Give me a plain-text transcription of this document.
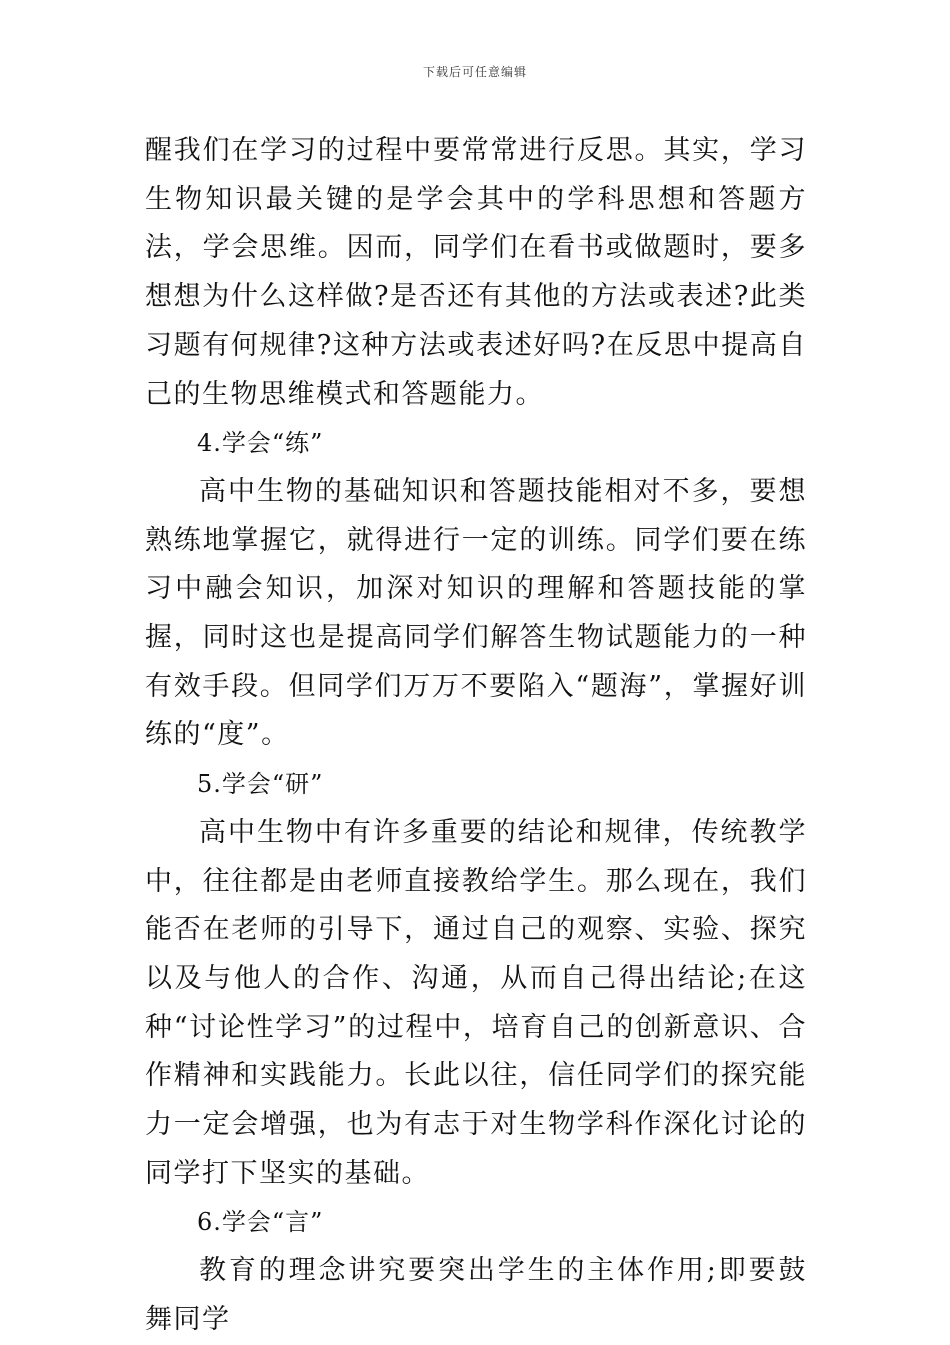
下载后可任意编辑

醒我们在学习的过程中要常常进行反思。其实，学习生物知识最关键的是学会其中的学科思想和答题方法，学会思维。因而，同学们在看书或做题时，要多想想为什么这样做?是否还有其他的方法或表述?此类习题有何规律?这种方法或表述好吗?在反思中提高自己的生物思维模式和答题能力。

4.学会“练”

高中生物的基础知识和答题技能相对不多，要想熟练地掌握它，就得进行一定的训练。同学们要在练习中融会知识，加深对知识的理解和答题技能的掌握，同时这也是提高同学们解答生物试题能力的一种有效手段。但同学们万万不要陷入“题海”，掌握好训练的“度”。

5.学会“研”

高中生物中有许多重要的结论和规律，传统教学中，往往都是由老师直接教给学生。那么现在，我们能否在老师的引导下，通过自己的观察、实验、探究以及与他人的合作、沟通，从而自己得出结论;在这种“讨论性学习”的过程中，培育自己的创新意识、合作精神和实践能力。长此以往，信任同学们的探究能力一定会增强，也为有志于对生物学科作深化讨论的同学打下坚实的基础。

6.学会“言”

教育的理念讲究要突出学生的主体作用;即要鼓舞同学
